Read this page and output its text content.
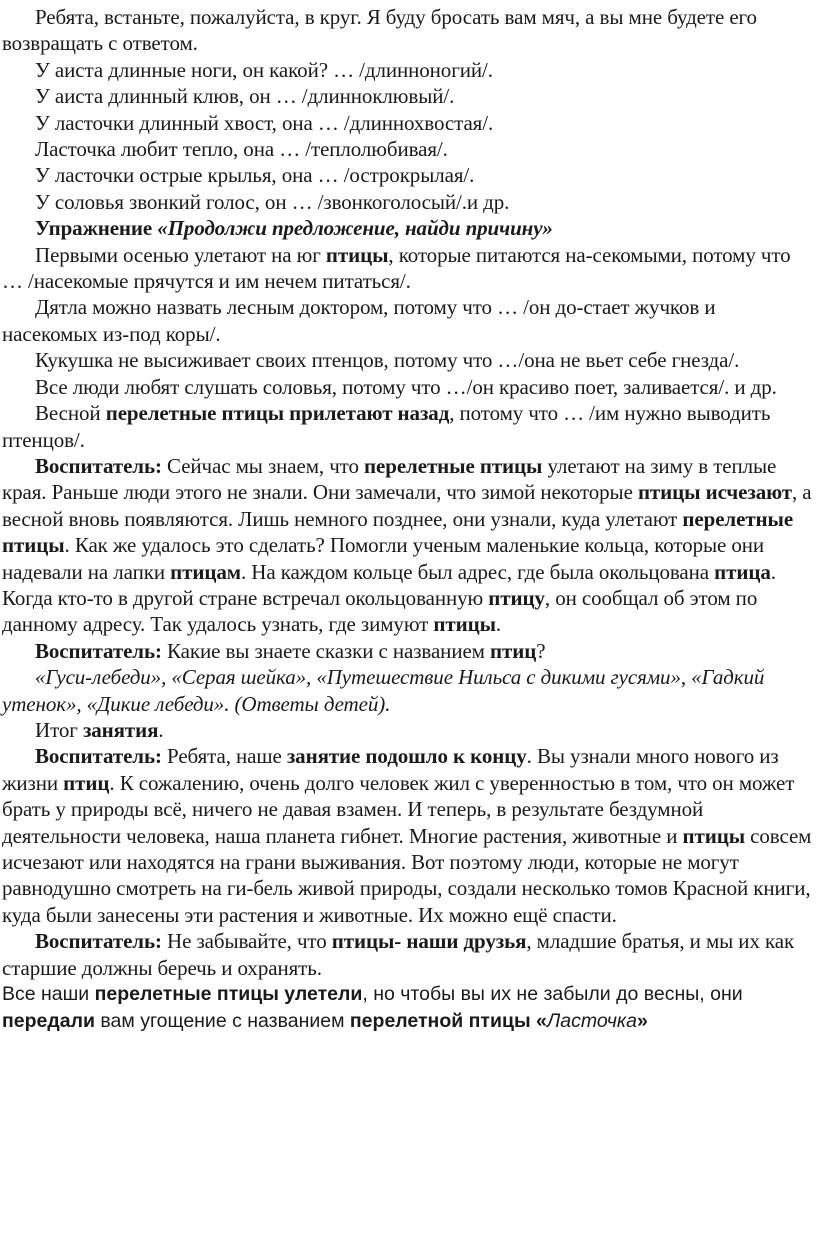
Ребята, встаньте, пожалуйста, в круг. Я буду бросать вам мяч, а вы мне будете его возвращать с ответом.

У аиста длинные ноги, он какой? … /длинноногий/.

У аиста длинный клюв, он … /длинноклювый/.

У ласточки длинный хвост, она … /длиннохвостая/.

Ласточка любит тепло, она … /теплолюбивая/.

У ласточки острые крылья, она … /острокрылая/.

У соловья звонкий голос, он … /звонкоголосый/.и др.

Упражнение «Продолжи предложение, найди причину»

Первыми осенью улетают на юг птицы, которые питаются на-секомыми, потому что … /насекомые прячутся и им нечем питаться/.

Дятла можно назвать лесным доктором, потому что … /он до-стает жучков и насекомых из-под коры/.

Кукушка не высиживает своих птенцов, потому что …/она не вьет себе гнезда/.

Все люди любят слушать соловья, потому что …/он красиво поет, заливается/. и др.

Весной перелетные птицы прилетают назад, потому что … /им нужно выводить птенцов/.

Воспитатель: Сейчас мы знаем, что перелетные птицы улетают на зиму в теплые края. Раньше люди этого не знали. Они замечали, что зимой некоторые птицы исчезают, а весной вновь появляются. Лишь немного позднее, они узнали, куда улетают перелетные птицы. Как же удалось это сделать? Помогли ученым маленькие кольца, которые они надевали на лапки птицам. На каждом кольце был адрес, где была окольцована птица. Когда кто-то в другой стране встречал окольцованную птицу, он сообщал об этом по данному адресу. Так удалось узнать, где зимуют птицы.

Воспитатель: Какие вы знаете сказки с названием птиц?

«Гуси-лебеди», «Серая шейка», «Путешествие Нильса с дикими гусями», «Гадкий утенок», «Дикие лебеди». (Ответы детей).

Итог занятия.

Воспитатель: Ребята, наше занятие подошло к концу. Вы узнали много нового из жизни птиц. К сожалению, очень долго человек жил с уверенностью в том, что он может брать у природы всё, ничего не давая взамен. И теперь, в результате бездумной деятельности человека, наша планета гибнет. Многие растения, животные и птицы совсем исчезают или находятся на грани выживания. Вот поэтому люди, которые не могут равнодушно смотреть на ги-бель живой природы, создали несколько томов Красной книги, куда были занесены эти растения и животные. Их можно ещё спасти.

Воспитатель: Не забывайте, что птицы- наши друзья, младшие братья, и мы их как старшие должны беречь и охранять.

Все наши перелетные птицы улетели, но чтобы вы их не забыли до весны, они передали вам угощение с названием перелетной птицы «Ласточка»
